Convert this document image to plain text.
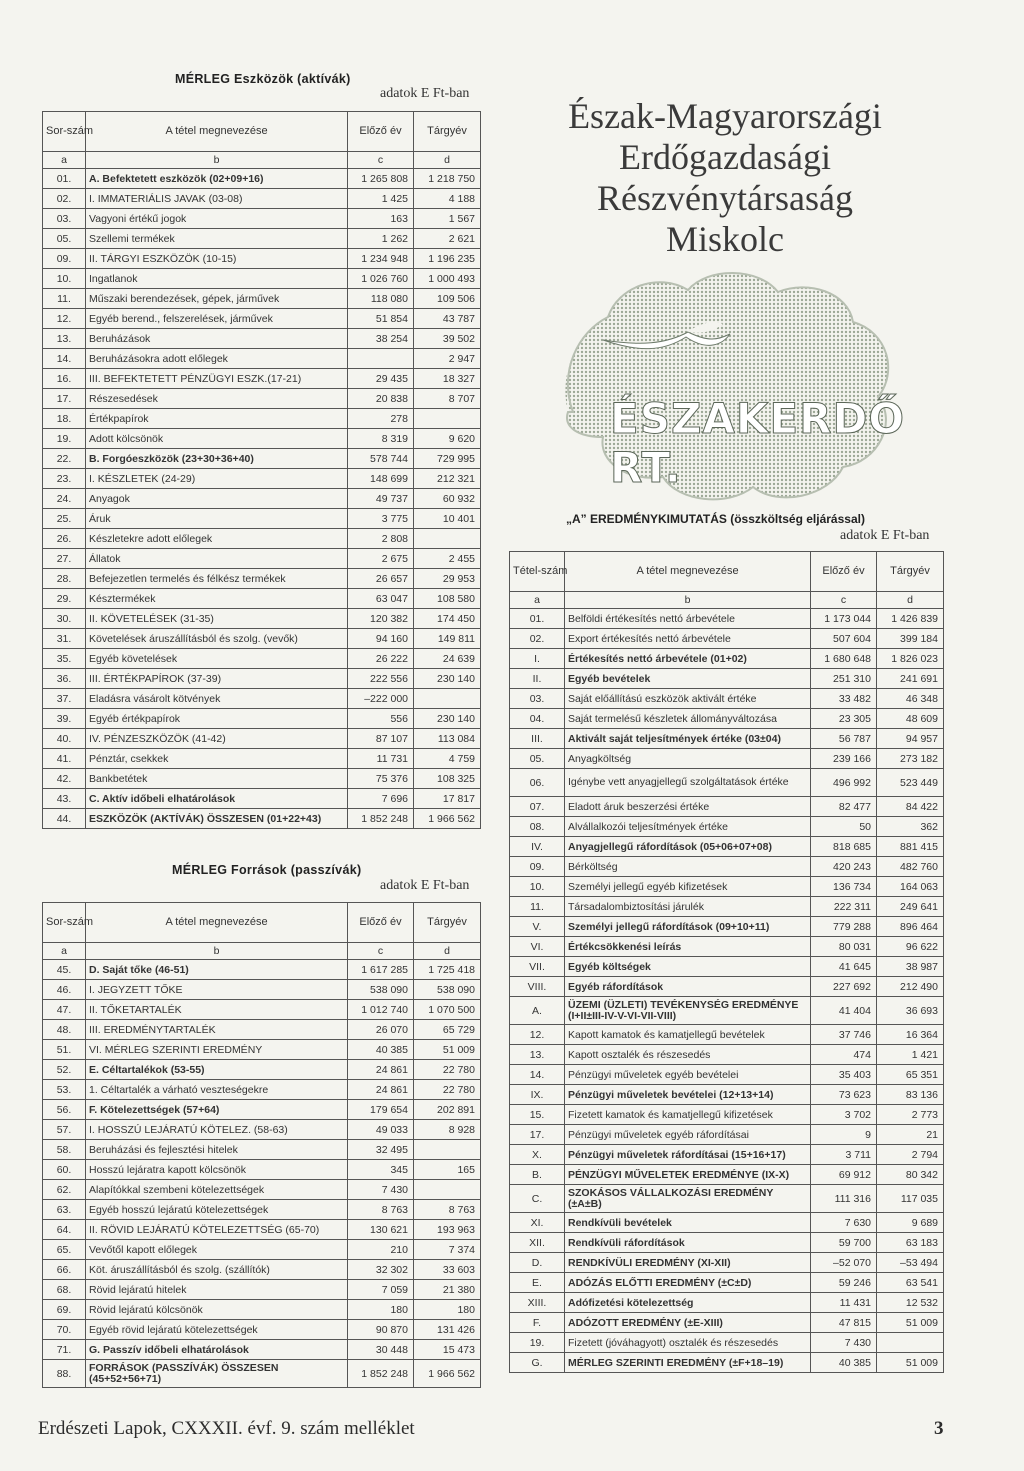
MÉRLEG Eszközök (aktívák)
adatok E Ft-ban
Sor-szám	A tétel megnevezése	Előző év	Tárgyév
a	b	c	d
01.	A. Befektetett eszközök (02+09+16)	1 265 808	1 218 750
02.	I. IMMATERIÁLIS JAVAK (03-08)	1 425	4 188
03.	Vagyoni értékű jogok	163	1 567
05.	Szellemi termékek	1 262	2 621
09.	II. TÁRGYI ESZKÖZÖK (10-15)	1 234 948	1 196 235
10.	Ingatlanok	1 026 760	1 000 493
11.	Műszaki berendezések, gépek, járművek	118 080	109 506
12.	Egyéb berend., felszerelések, járművek	51 854	43 787
13.	Beruházások	38 254	39 502
14.	Beruházásokra adott előlegek		2 947
16.	III. BEFEKTETETT PÉNZÜGYI ESZK.(17-21)	29 435	18 327
17.	Részesedések	20 838	8 707
18.	Értékpapírok	278	
19.	Adott kölcsönök	8 319	9 620
22.	B. Forgóeszközök (23+30+36+40)	578 744	729 995
23.	I. KÉSZLETEK (24-29)	148 699	212 321
24.	Anyagok	49 737	60 932
25.	Áruk	3 775	10 401
26.	Készletekre adott előlegek	2 808	
27.	Állatok	2 675	2 455
28.	Befejezetlen termelés és félkész termékek	26 657	29 953
29.	Késztermékek	63 047	108 580
30.	II. KÖVETELÉSEK (31-35)	120 382	174 450
31.	Követelések áruszállításból és szolg. (vevők)	94 160	149 811
35.	Egyéb követelések	26 222	24 639
36.	III. ÉRTÉKPAPÍROK (37-39)	222 556	230 140
37.	Eladásra vásárolt kötvények	–222 000	
39.	Egyéb értékpapírok	556	230 140
40.	IV. PÉNZESZKÖZÖK (41-42)	87 107	113 084
41.	Pénztár, csekkek	11 731	4 759
42.	Bankbetétek	75 376	108 325
43.	C. Aktív időbeli elhatárolások	7 696	17 817
44.	ESZKÖZÖK (AKTÍVÁK) ÖSSZESEN (01+22+43)	1 852 248	1 966 562
MÉRLEG Források (passzívák)
adatok E Ft-ban
Sor-szám	A tétel megnevezése	Előző év	Tárgyév
a	b	c	d
45.	D. Saját tőke (46-51)	1 617 285	1 725 418
46.	I. JEGYZETT TŐKE	538 090	538 090
47.	II. TŐKETARTALÉK	1 012 740	1 070 500
48.	III. EREDMÉNYTARTALÉK	26 070	65 729
51.	VI. MÉRLEG SZERINTI EREDMÉNY	40 385	51 009
52.	E. Céltartalékok (53-55)	24 861	22 780
53.	1. Céltartalék a várható veszteségekre	24 861	22 780
56.	F. Kötelezettségek (57+64)	179 654	202 891
57.	I. HOSSZÚ LEJÁRATÚ KÖTELEZ. (58-63)	49 033	8 928
58.	Beruházási és fejlesztési hitelek	32 495	
60.	Hosszú lejáratra kapott kölcsönök	345	165
62.	Alapítókkal szembeni kötelezettségek	7 430	
63.	Egyéb hosszú lejáratú kötelezettségek	8 763	8 763
64.	II. RÖVID LEJÁRATÚ KÖTELEZETTSÉG (65-70)	130 621	193 963
65.	Vevőtől kapott előlegek	210	7 374
66.	Köt. áruszállításból és szolg. (szállítók)	32 302	33 603
68.	Rövid lejáratú hitelek	7 059	21 380
69.	Rövid lejáratú kölcsönök	180	180
70.	Egyéb rövid lejáratú kötelezettségek	90 870	131 426
71.	G. Passzív időbeli elhatárolások	30 448	15 473
88.	FORRÁSOK (PASSZÍVÁK) ÖSSZESEN (45+52+56+71)	1 852 248	1 966 562
Észak-Magyarországi
Erdőgazdasági
Részvénytársaság
Miskolc
ÉSZAKERDŐ RT.
„A” EREDMÉNYKIMUTATÁS (összköltség eljárással)
adatok E Ft-ban
Tétel-szám	A tétel megnevezése	Előző év	Tárgyév
a	b	c	d
01.	Belföldi értékesítés nettó árbevétele	1 173 044	1 426 839
02.	Export értékesítés nettó árbevétele	507 604	399 184
I.	Értékesítés nettó árbevétele (01+02)	1 680 648	1 826 023
II.	Egyéb bevételek	251 310	241 691
03.	Saját előállítású eszközök aktivált értéke	33 482	46 348
04.	Saját termelésű készletek állományváltozása	23 305	48 609
III.	Aktivált saját teljesítmények értéke (03±04)	56 787	94 957
05.	Anyagköltség	239 166	273 182
06.	Igénybe vett anyagjellegű szolgáltatások értéke	496 992	523 449
07.	Eladott áruk beszerzési értéke	82 477	84 422
08.	Alvállalkozói teljesítmények értéke	50	362
IV.	Anyagjellegű ráfordítások (05+06+07+08)	818 685	881 415
09.	Bérköltség	420 243	482 760
10.	Személyi jellegű egyéb kifizetések	136 734	164 063
11.	Társadalombiztosítási járulék	222 311	249 641
V.	Személyi jellegű ráfordítások (09+10+11)	779 288	896 464
VI.	Értékcsökkenési leírás	80 031	96 622
VII.	Egyéb költségek	41 645	38 987
VIII.	Egyéb ráfordítások	227 692	212 490
A.	ÜZEMI (ÜZLETI) TEVÉKENYSÉG EREDMÉNYE (I+II±III-IV-V-VI-VII-VIII)	41 404	36 693
12.	Kapott kamatok és kamatjellegű bevételek	37 746	16 364
13.	Kapott osztalék és részesedés	474	1 421
14.	Pénzügyi műveletek egyéb bevételei	35 403	65 351
IX.	Pénzügyi műveletek bevételei (12+13+14)	73 623	83 136
15.	Fizetett kamatok és kamatjellegű kifizetések	3 702	2 773
17.	Pénzügyi műveletek egyéb ráfordításai	9	21
X.	Pénzügyi műveletek ráfordításai (15+16+17)	3 711	2 794
B.	PÉNZÜGYI MŰVELETEK EREDMÉNYE (IX-X)	69 912	80 342
C.	SZOKÁSOS VÁLLALKOZÁSI EREDMÉNY (±A±B)	111 316	117 035
XI.	Rendkívüli bevételek	7 630	9 689
XII.	Rendkívüli ráfordítások	59 700	63 183
D.	RENDKÍVÜLI EREDMÉNY (XI-XII)	–52 070	–53 494
E.	ADÓZÁS ELŐTTI EREDMÉNY (±C±D)	59 246	63 541
XIII.	Adófizetési kötelezettség	11 431	12 532
F.	ADÓZOTT EREDMÉNY (±E-XIII)	47 815	51 009
19.	Fizetett (jóváhagyott) osztalék és részesedés	7 430	
G.	MÉRLEG SZERINTI EREDMÉNY (±F+18–19)	40 385	51 009
Erdészeti Lapok, CXXXII. évf. 9. szám melléklet	3
